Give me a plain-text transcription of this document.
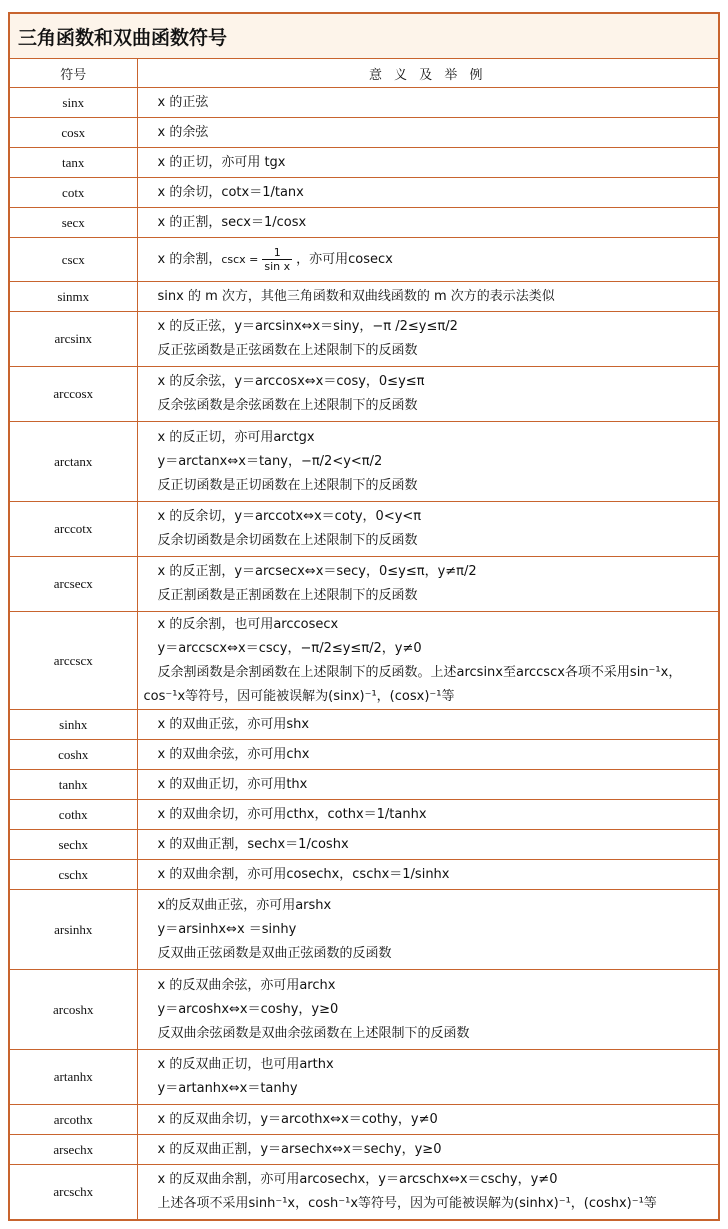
三角函数和双曲函数符号	
符号	意 义 及 举 例
sinx	x 的正弦

cosx	x 的余弦

tanx	x 的正切，亦可用 tgx

cotx	x 的余切，cotx＝1/tanx

secx	x 的正割，secx＝1/cosx

cscx	x 的余割，$\csc x = \frac{1}{\text{sin x}}$ ，亦可用cosecx

sinmx	sinx 的 m 次方，其他三角函数和双曲线函数的 m 次方的表示法类似

arcsinx	x 的反正弦，y＝arcsinx⇔x＝siny，−π /2≤y≤π/2
反正弦函数是正弦函数在上述限制下的反函数

arccosx	x 的反余弦，y＝arccosx⇔x＝cosy，0≤y≤π
反余弦函数是余弦函数在上述限制下的反函数

arctanx	x 的反正切，亦可用arctgx
y＝arctanx⇔x＝tany，−π/2<y<π/2
反正切函数是正切函数在上述限制下的反函数

arccotx	x 的反余切，y＝arccotx⇔x＝coty，0<y<π
反余切函数是余切函数在上述限制下的反函数

arcsecx	x 的反正割，y＝arcsecx⇔x＝secy，0≤y≤π，y≠π/2
反正割函数是正割函数在上述限制下的反函数

arccscx	x 的反余割，也可用arccosecx
y＝arccscx⇔x＝cscy，−π/2≤y≤π/2，y≠0
反余割函数是余割函数在上述限制下的反函数。上述arcsinx至arccscx各项不采用sin⁻¹x，
cos⁻¹x等符号，因可能被误解为(sinx)⁻¹，(cosx)⁻¹等

sinhx	x 的双曲正弦，亦可用shx

coshx	x 的双曲余弦，亦可用chx

tanhx	x 的双曲正切，亦可用thx

cothx	x 的双曲余切，亦可用cthx，cothx＝1/tanhx

sechx	x 的双曲正割，sechx＝1/coshx

cschx	x 的双曲余割，亦可用cosechx，cschx＝1/sinhx

arsinhx	x的反双曲正弦，亦可用arshx
y＝arsinhx⇔x ＝sinhy
反双曲正弦函数是双曲正弦函数的反函数

arcoshx	x 的反双曲余弦，亦可用archx
y＝arcoshx⇔x＝coshy，y≥0
反双曲余弦函数是双曲余弦函数在上述限制下的反函数

artanhx	x 的反双曲正切，也可用arthx
y＝artanhx⇔x＝tanhy

arcothx	x 的反双曲余切，y＝arcothx⇔x＝cothy，y≠0

arsechx	x 的反双曲正割，y＝arsechx⇔x＝sechy，y≥0

arcschx	x 的反双曲余割，亦可用arcosechx，y＝arcschx⇔x＝cschy，y≠0
上述各项不采用sinh⁻¹x，cosh⁻¹x等符号，因为可能被误解为(sinhx)⁻¹，(coshx)⁻¹等
